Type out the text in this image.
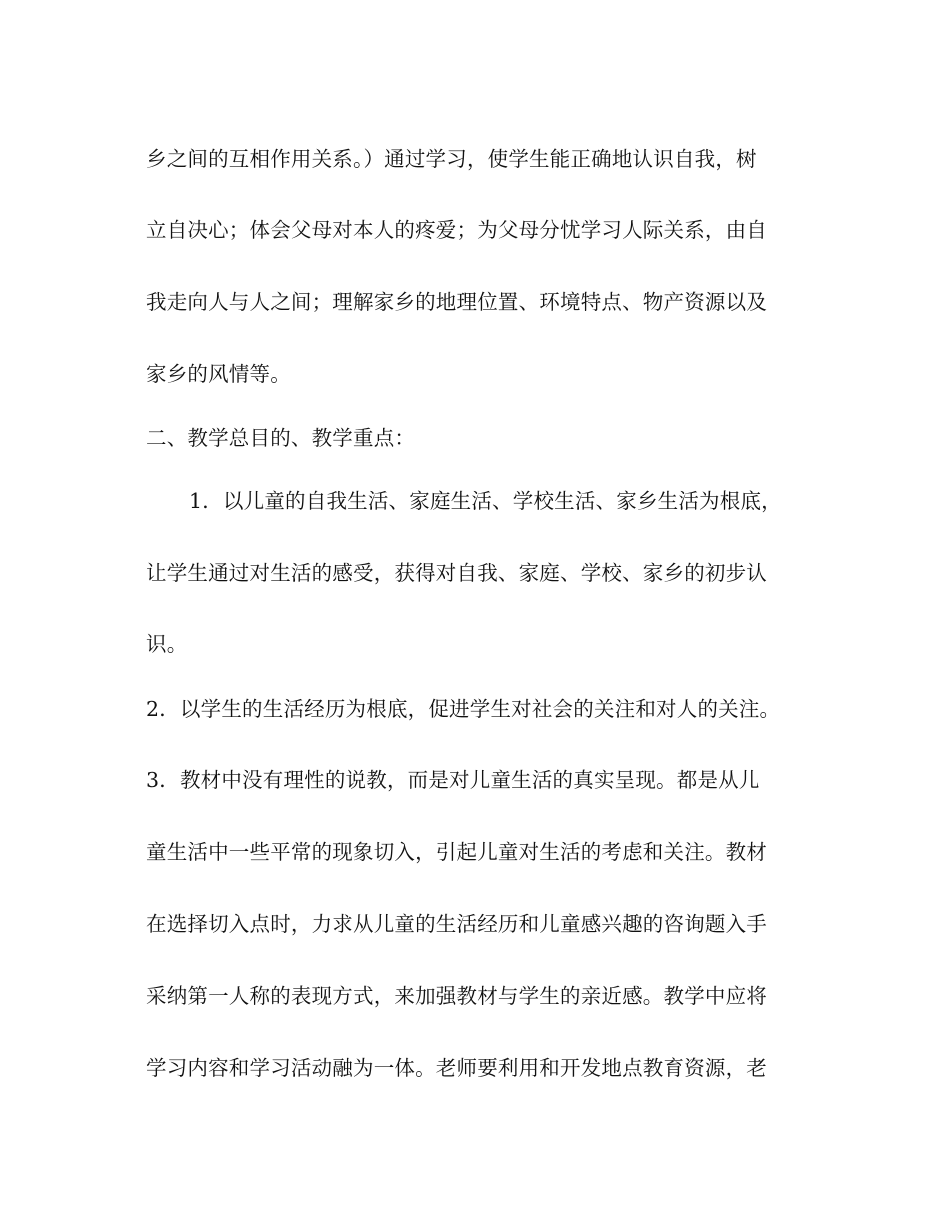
乡之间的互相作用关系。）通过学习，使学生能正确地认识自我，树
立自决心；体会父母对本人的疼爱；为父母分忧学习人际关系，由自
我走向人与人之间；理解家乡的地理位置、环境特点、物产资源以及
家乡的风情等。
二、教学总目的、教学重点：
1．以儿童的自我生活、家庭生活、学校生活、家乡生活为根底，
让学生通过对生活的感受，获得对自我、家庭、学校、家乡的初步认
识。
2．以学生的生活经历为根底，促进学生对社会的关注和对人的关注。
3．教材中没有理性的说教，而是对儿童生活的真实呈现。都是从儿
童生活中一些平常的现象切入，引起儿童对生活的考虑和关注。教材
在选择切入点时，力求从儿童的生活经历和儿童感兴趣的咨询题入手
采纳第一人称的表现方式，来加强教材与学生的亲近感。教学中应将
学习内容和学习活动融为一体。老师要利用和开发地点教育资源，老
